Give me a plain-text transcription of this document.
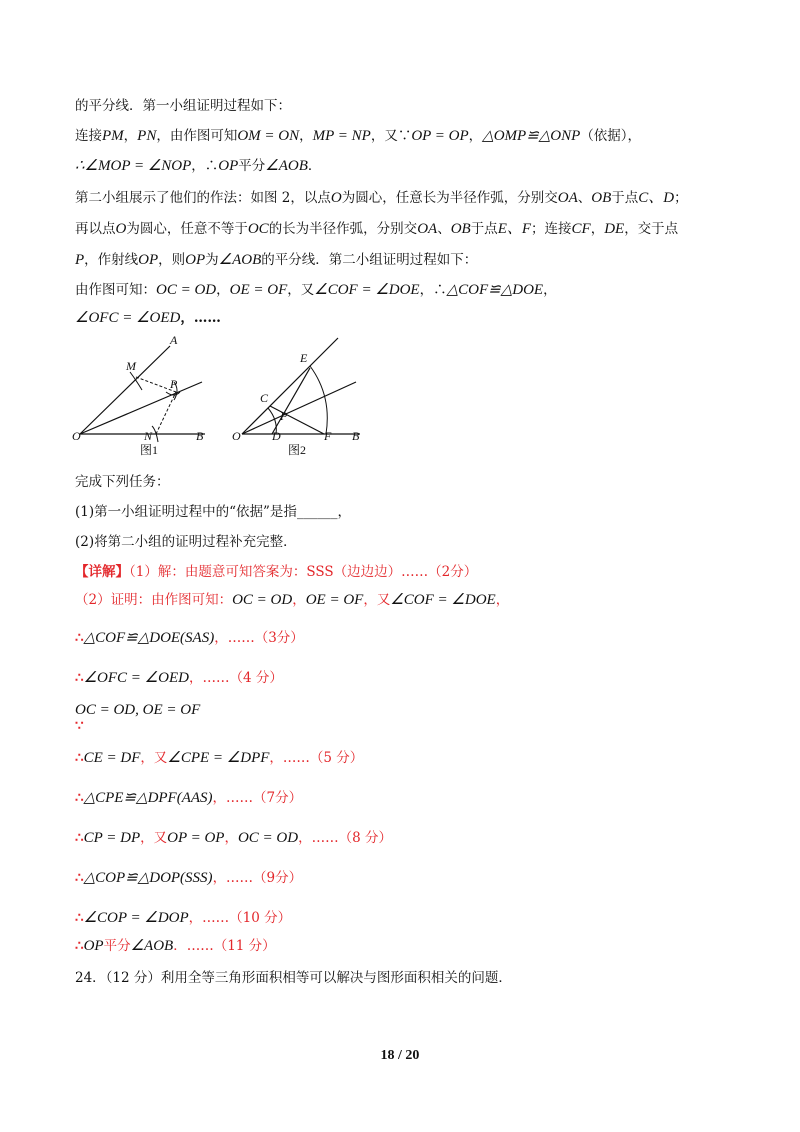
的平分线．第一小组证明过程如下：
连接PM，PN，由作图可知OM = ON，MP = NP，又∵OP = OP，△OMP≌△ONP（依据），
∴∠MOP = ∠NOP，∴OP平分∠AOB．
第二小组展示了他们的作法：如图 2，以点O为圆心，任意长为半径作弧，分别交OA、OB于点C、D；
再以点O为圆心，任意不等于OC的长为半径作弧，分别交OA、OB于点E、F；连接CF，DE，交于点
P，作射线OP，则OP为∠AOB的平分线．第二小组证明过程如下：
由作图可知：OC = OD，OE = OF，又∠COF = ∠DOE，∴△COF≌△DOE，
∠OFC = ∠OED，……
A
M
P
O	N	B
图1
E
C
P
O	D	F B
图2
完成下列任务：
(1)第一小组证明过程中的“依据”是指______，
(2)将第二小组的证明过程补充完整．
【详解】（1）解：由题意可知答案为：SSS（边边边）……（2分）
（2）证明：由作图可知：OC = OD，OE = OF，又∠COF = ∠DOE，
∴△COF≌△DOE(SAS)，……（3分）
∴∠OFC = ∠OED，……（4 分）
OC = OD, OE = OF
∵
∴CE = DF，又∠CPE = ∠DPF，……（5 分）
∴△CPE≌△DPF(AAS)，……（7分）
∴CP = DP，又OP = OP，OC = OD，……（8 分）
∴△COP≌△DOP(SSS)，……（9分）
∴∠COP = ∠DOP，……（10 分）
∴OP平分∠AOB．……（11 分）
24．（12 分）利用全等三角形面积相等可以解决与图形面积相关的问题．
18 / 20
